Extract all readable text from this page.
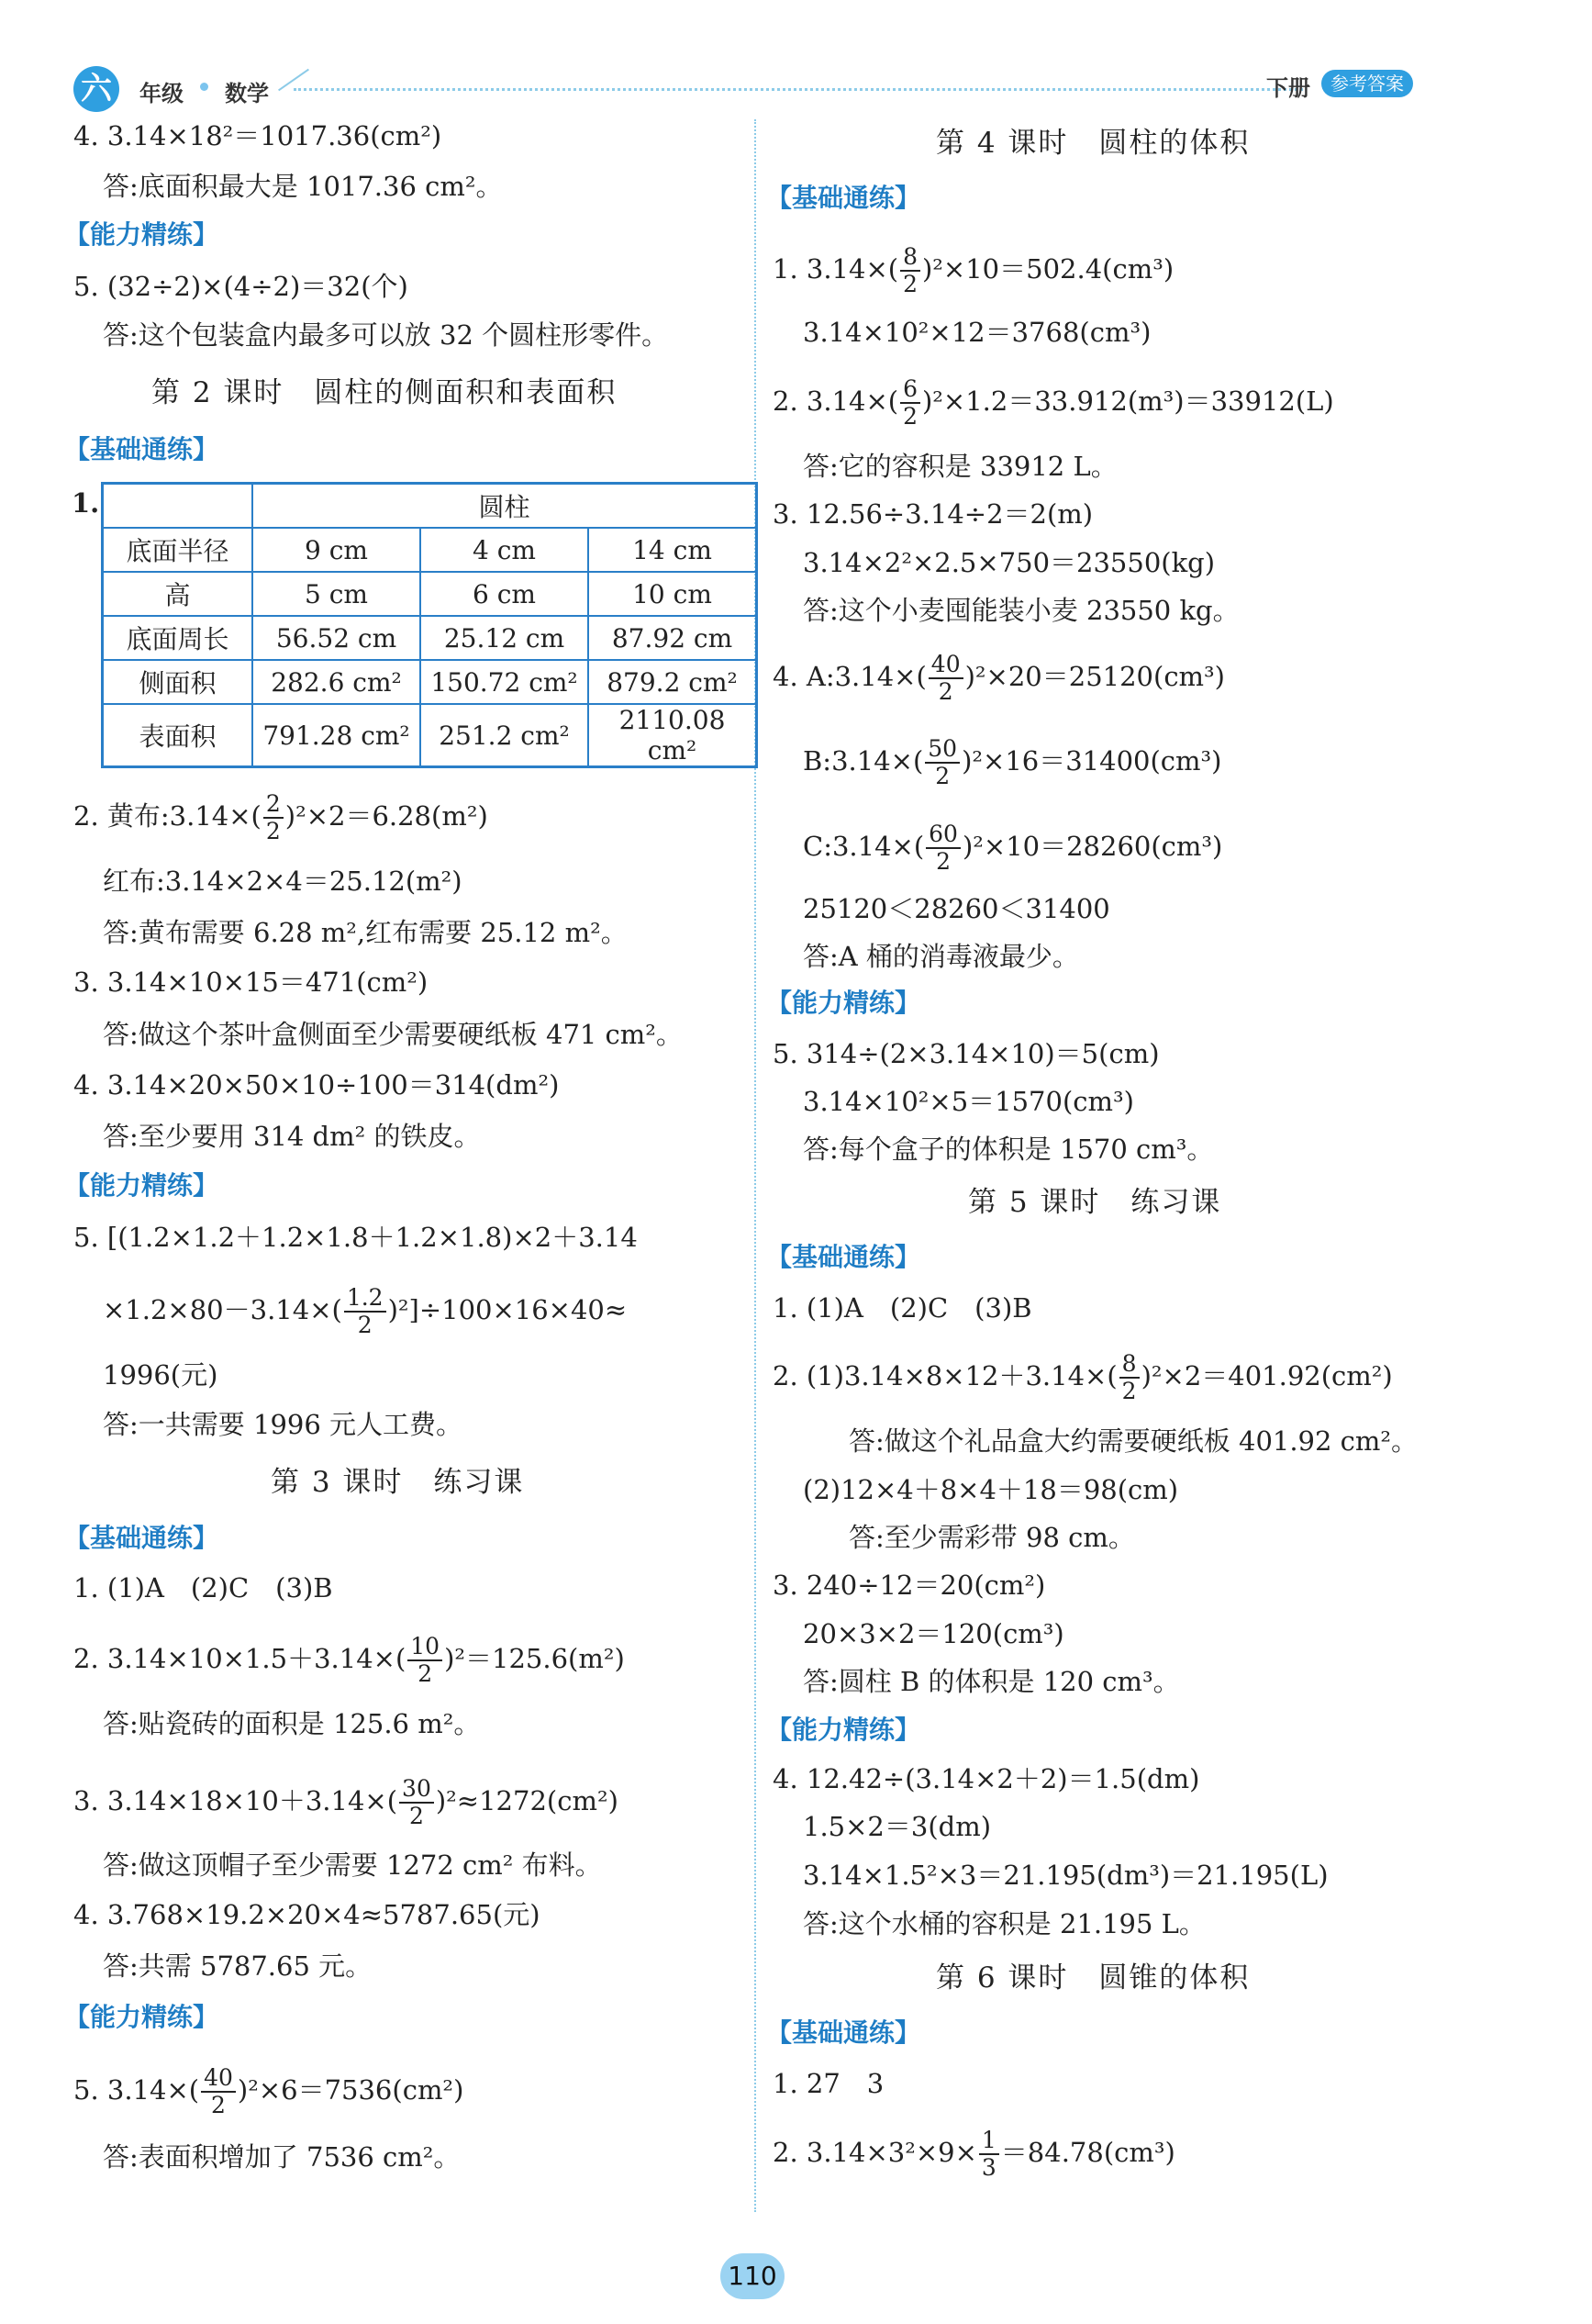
六	年级 数学	下册	参考答案
4. 3.14×18²＝1017.36(cm²)
答:底面积最大是 1017.36 cm²。
【能力精练】
5. (32÷2)×(4÷2)＝32(个)
答:这个包装盒内最多可以放 32 个圆柱形零件。
第 2 课时　圆柱的侧面积和表面积
【基础通练】
1.
		圆柱		
底面半径	9 cm	4 cm	14 cm
高	5 cm	6 cm	10 cm
底面周长	56.52 cm	25.12 cm	87.92 cm
侧面积	282.6 cm²	150.72 cm²	879.2 cm²
表面积	791.28 cm²	251.2 cm²	2110.08 cm²
2. 黄布:3.14×( $\frac{2}{2} )^2\times 2=6.28(m^2)$
红布:3.14×2×4＝25.12(m²)
答:黄布需要 6.28 m²,红布需要 25.12 m²。
3. 3.14×10×15＝471(cm²)
答:做这个茶叶盒侧面至少需要硬纸板 471 cm²。
4. 3.14×20×50×10÷100＝314(dm²)
答:至少要用 314 dm² 的铁皮。
【能力精练】
5. [(1.2×1.2＋1.2×1.8＋1.2×1.8)×2＋3.14
$\times 1.2\times 80-3.14\times( \frac{1.2}{2} )^2]\div 100\times 16\times 40\approx$
1996(元)
答:一共需要 1996 元人工费。
第 3 课时　练习课
【基础通练】
1. (1)A　(2)C　(3)B
2. $3.14\times 10\times 1.5+3.14\times( \frac{10}{2} )^2=125.6(m^2)$
答:贴瓷砖的面积是 125.6 m²。
3. $3.14\times 18\times 10+3.14\times( \frac{30}{2} )^2\approx 1272(cm^2)$
答:做这顶帽子至少需要 1272 cm² 布料。
4. 3.768×19.2×20×4≈5787.65(元)
答:共需 5787.65 元。
【能力精练】
5. $3.14\times( \frac{40}{2} )^2\times 6=7536(cm^2)$
答:表面积增加了 7536 cm²。
第 4 课时　圆柱的体积
【基础通练】
1. $3.14\times( \frac{8}{2} )^2\times 10=502.4(cm^3)$
3.14×10²×12＝3768(cm³)
2. $3.14\times( \frac{6}{2} )^2\times 1.2=33.912(m^3)=33912(L)$
答:它的容积是 33912 L。
3. 12.56÷3.14÷2＝2(m)
3.14×2²×2.5×750＝23550(kg)
答:这个小麦囤能装小麦 23550 kg。
4. A:3.14×( $\frac{40}{2} )^2\times 20=25120(cm^3)$
B:3.14×( $\frac{50}{2} )^2\times 16=31400(cm^3)$
C:3.14×( $\frac{60}{2} )^2\times 10=28260(cm^3)$
25120＜28260＜31400
答:A 桶的消毒液最少。
【能力精练】
5. 314÷(2×3.14×10)＝5(cm)
3.14×10²×5＝1570(cm³)
答:每个盒子的体积是 1570 cm³。
第 5 课时　练习课
【基础通练】
1. (1)A　(2)C　(3)B
2. $(1)3.14\times 8\times 12+3.14\times( \frac{8}{2} )^2\times 2=401.92(cm^2)$
答:做这个礼品盒大约需要硬纸板 401.92 cm²。
(2)12×4＋8×4＋18＝98(cm)
答:至少需彩带 98 cm。
3. 240÷12＝20(cm²)
20×3×2＝120(cm³)
答:圆柱 B 的体积是 120 cm³。
【能力精练】
4. 12.42÷(3.14×2＋2)＝1.5(dm)
1.5×2＝3(dm)
3.14×1.5²×3＝21.195(dm³)＝21.195(L)
答:这个水桶的容积是 21.195 L。
第 6 课时　圆锥的体积
【基础通练】
1. 27　3
2. $3.14\times 3^2\times 9\times \frac{1}{3} =84.78(cm^3)$
110
